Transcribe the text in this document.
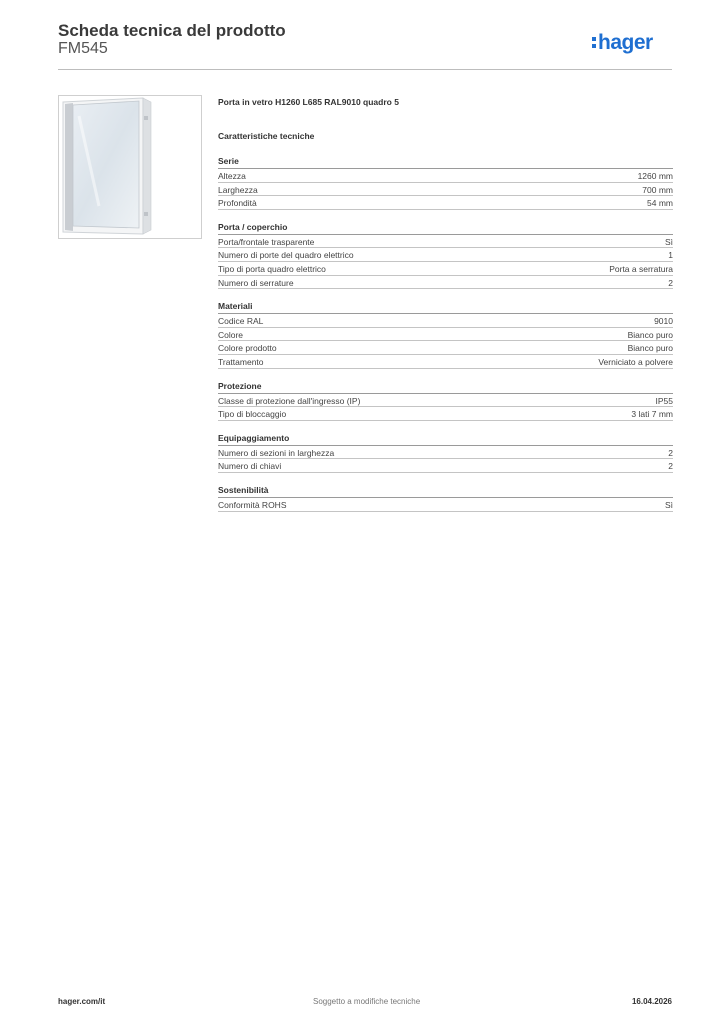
Scheda tecnica del prodotto
FM545	hager
Porta in vetro H1260 L685 RAL9010 quadro 5
Caratteristiche tecniche
Serie
Altezza	1260 mm
Larghezza	700 mm
Profondità	54 mm
Porta / coperchio
Porta/frontale trasparente	Sì
Numero di porte del quadro elettrico	1
Tipo di porta quadro elettrico	Porta a serratura
Numero di serrature	2
Materiali
Codice RAL	9010
Colore	Bianco puro
Colore prodotto	Bianco puro
Trattamento	Verniciato a polvere
Protezione
Classe di protezione dall'ingresso (IP)	IP55
Tipo di bloccaggio	3 lati 7 mm
Equipaggiamento
Numero di sezioni in larghezza	2
Numero di chiavi	2
Sostenibilità
Conformità ROHS	Sì
hager.com/it	Soggetto a modifiche tecniche	16.04.2026
